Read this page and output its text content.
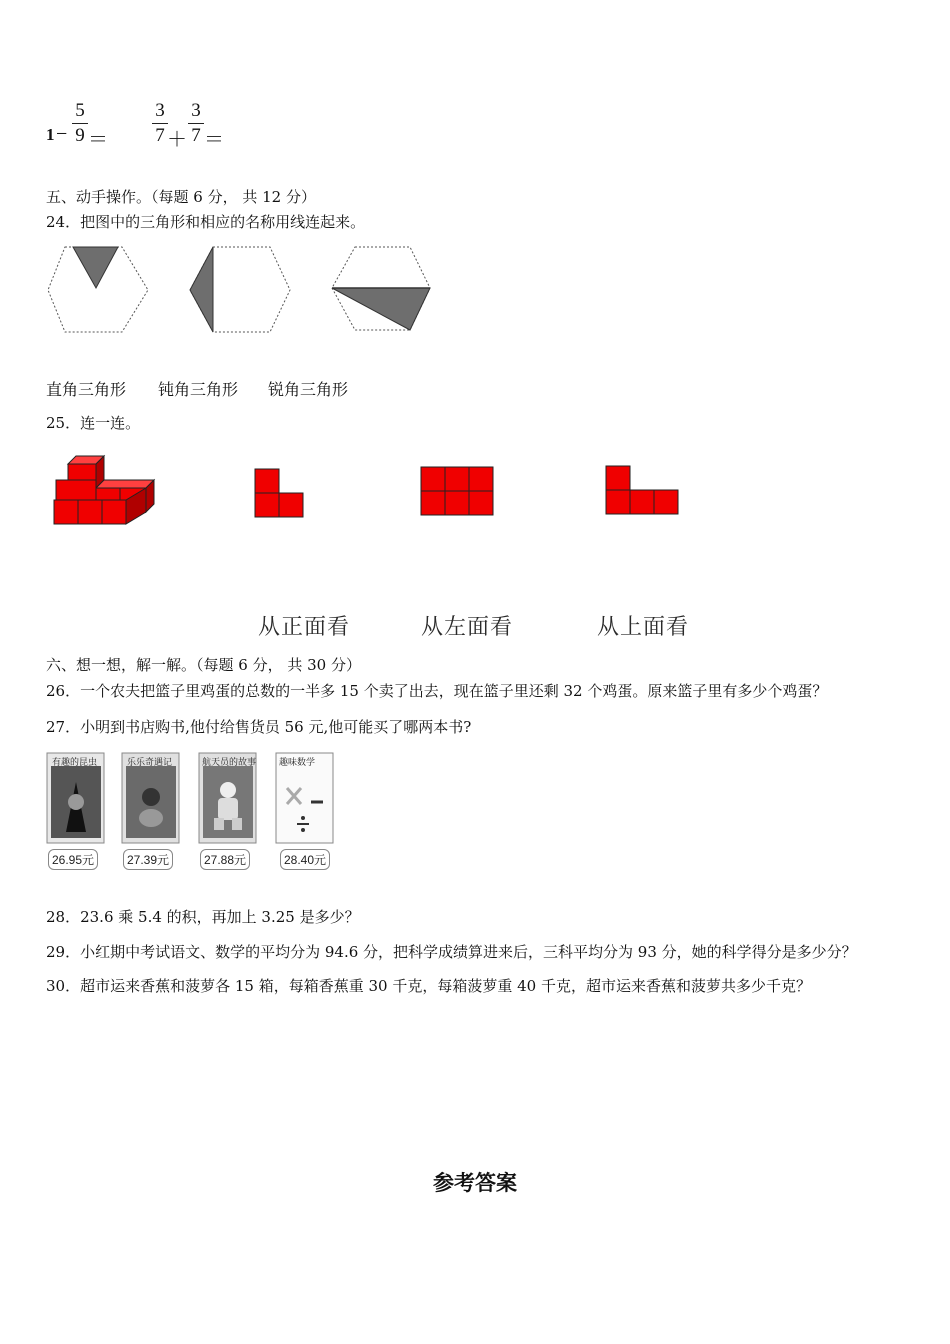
1 −
5
9 ＝
3
7 ＋
3
7 ＝
五、动手操作。（每题 6 分， 共 12 分）
24．把图中的三角形和相应的名称用线连起来。
直角三角形 钝角三角形 锐角三角形
25．连一连。
从正面看	从左面看	从上面看
六、想一想，解一解。（每题 6 分， 共 30 分）
26．一个农夫把篮子里鸡蛋的总数的一半多 15 个卖了出去，现在篮子里还剩 32 个鸡蛋。原来篮子里有多少个鸡蛋？
27．小明到书店购书,他付给售货员 56 元,他可能买了哪两本书?
有趣的昆虫
26.95元
乐乐奇遇记
27.39元
航天员的故事
27.88元
趣味数学
28.40元
28．23.6 乘 5.4 的积，再加上 3.25 是多少？
29．小红期中考试语文、数学的平均分为 94.6 分，把科学成绩算进来后，三科平均分为 93 分，她的科学得分是多少分？
30．超市运来香蕉和菠萝各 15 箱，每箱香蕉重 30 千克，每箱菠萝重 40 千克，超市运来香蕉和菠萝共多少千克？
参考答案
